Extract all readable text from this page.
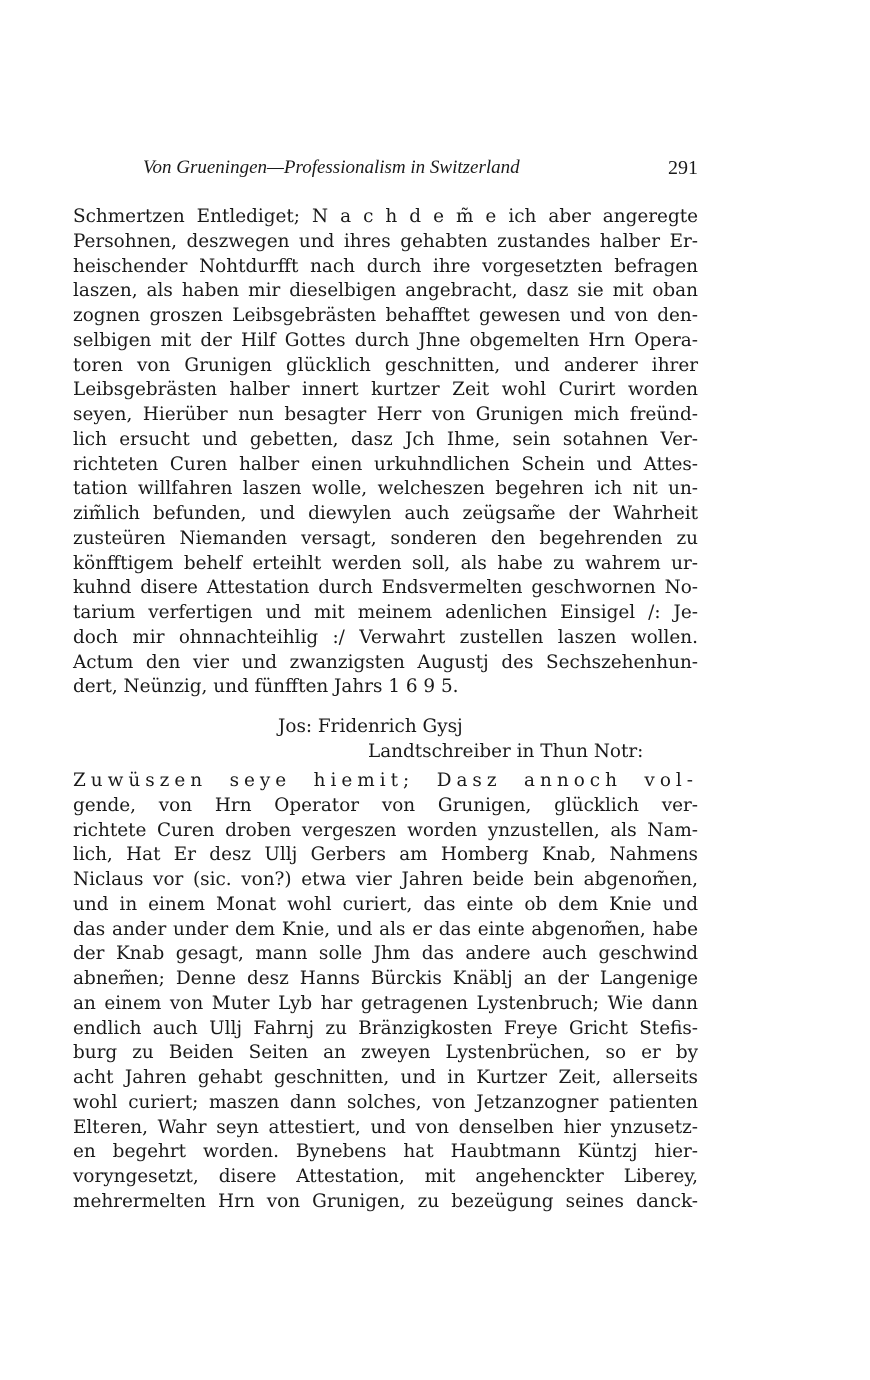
Von Grueningen—Professionalism in Switzerland	291
Schmertzen Entlediget; N a c h d e m̃ e ich aber angeregte
Persohnen, deszwegen und ihres gehabten zustandes halber Er-
heischender Nohtdurfft nach durch ihre vorgesetzten befragen
laszen, als haben mir dieselbigen angebracht, dasz sie mit oban
zognen groszen Leibsgebrästen behafftet gewesen und von den-
selbigen mit der Hilf Gottes durch Jhne obgemelten Hrn Opera-
toren von Grunigen glücklich geschnitten, und anderer ihrer
Leibsgebrästen halber innert kurtzer Zeit wohl Curirt worden
seyen, Hierüber nun besagter Herr von Grunigen mich freünd-
lich ersucht und gebetten, dasz Jch Ihme, sein sotahnen Ver-
richteten Curen halber einen urkuhndlichen Schein und Attes-
tation willfahren laszen wolle, welcheszen begehren ich nit un-
zim̃lich befunden, und diewylen auch zeügsam̃e der Wahrheit
zusteüren Niemanden versagt, sonderen den begehrenden zu
könfftigem behelf erteihlt werden soll, als habe zu wahrem ur-
kuhnd disere Attestation durch Endsvermelten geschwornen No-
tarium verfertigen und mit meinem adenlichen Einsigel /: Je-
doch mir ohnnachteihlig :/ Verwahrt zustellen laszen wollen.
Actum den vier und zwanzigsten Augustj des Sechszehenhun-
dert, Neünzig, und fünfften Jahrs 1 6 9 5.
Jos: Fridenrich Gysj
Landtschreiber in Thun Notr:
Zuwüszen seye hiemit; Dasz annoch vol-
gende, von Hrn Operator von Grunigen, glücklich ver-
richtete Curen droben vergeszen worden ynzustellen, als Nam-
lich, Hat Er desz Ullj Gerbers am Homberg Knab, Nahmens
Niclaus vor (sic. von?) etwa vier Jahren beide bein abgenom̃en,
und in einem Monat wohl curiert, das einte ob dem Knie und
das ander under dem Knie, und als er das einte abgenom̃en, habe
der Knab gesagt, mann solle Jhm das andere auch geschwind
abnem̃en; Denne desz Hanns Bürckis Knäblj an der Langenige
an einem von Muter Lyb har getragenen Lystenbruch; Wie dann
endlich auch Ullj Fahrnj zu Bränzigkosten Freye Gricht Stefis-
burg zu Beiden Seiten an zweyen Lystenbrüchen, so er by
acht Jahren gehabt geschnitten, und in Kurtzer Zeit, allerseits
wohl curiert; maszen dann solches, von Jetzanzogner patienten
Elteren, Wahr seyn attestiert, und von denselben hier ynzusetz-
en begehrt worden. Bynebens hat Haubtmann Küntzj hier-
voryngesetzt, disere Attestation, mit angehenckter Liberey,
mehrermelten Hrn von Grunigen, zu bezeügung seines danck-
